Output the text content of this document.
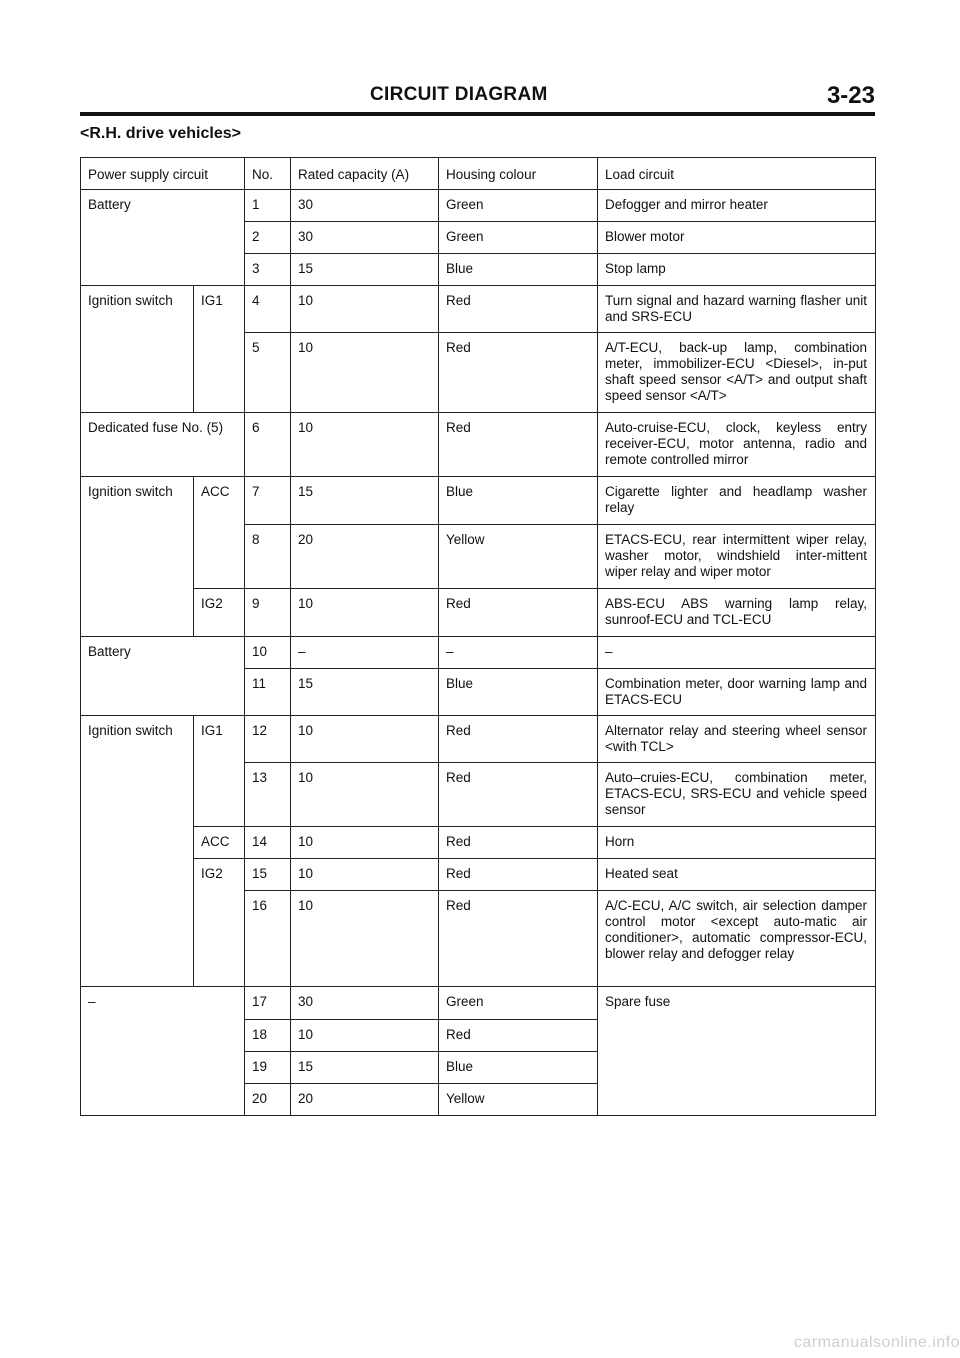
CIRCUIT DIAGRAM	3-23
<R.H. drive vehicles>
Power supply circuit		No.	Rated capacity (A)	Housing colour	Load circuit
Battery		1	30	Green	Defogger and mirror heater
		2	30	Green	Blower motor
		3	15	Blue	Stop lamp
Ignition switch	IG1	4	10	Red	Turn signal and hazard warning flasher unit and SRS-ECU
		5	10	Red	A/T-ECU, back-up lamp, combination meter, immobilizer-ECU <Diesel>, in-put shaft speed sensor <A/T> and output shaft speed sensor <A/T>
Dedicated fuse No. (5)		6	10	Red	Auto-cruise-ECU, clock, keyless entry receiver-ECU, motor antenna, radio and remote controlled mirror
Ignition switch	ACC	7	15	Blue	Cigarette lighter and headlamp washer relay
		8	20	Yellow	ETACS-ECU, rear intermittent wiper relay, washer motor, windshield inter-mittent wiper relay and wiper motor
	IG2	9	10	Red	ABS-ECU ABS warning lamp relay, sunroof-ECU and TCL-ECU
Battery		10	–	–	–
		11	15	Blue	Combination meter, door warning lamp and ETACS-ECU
Ignition switch	IG1	12	10	Red	Alternator relay and steering wheel sensor <with TCL>
		13	10	Red	Auto–cruies-ECU, combination meter, ETACS-ECU, SRS-ECU and vehicle speed sensor
	ACC	14	10	Red	Horn
	IG2	15	10	Red	Heated seat
		16	10	Red	A/C-ECU, A/C switch, air selection damper control motor <except auto-matic air conditioner>, automatic compressor-ECU, blower relay and defogger relay
–		17	30	Green	Spare fuse
		18	10	Red	
		19	15	Blue	
		20	20	Yellow	
carmanualsonline.info
